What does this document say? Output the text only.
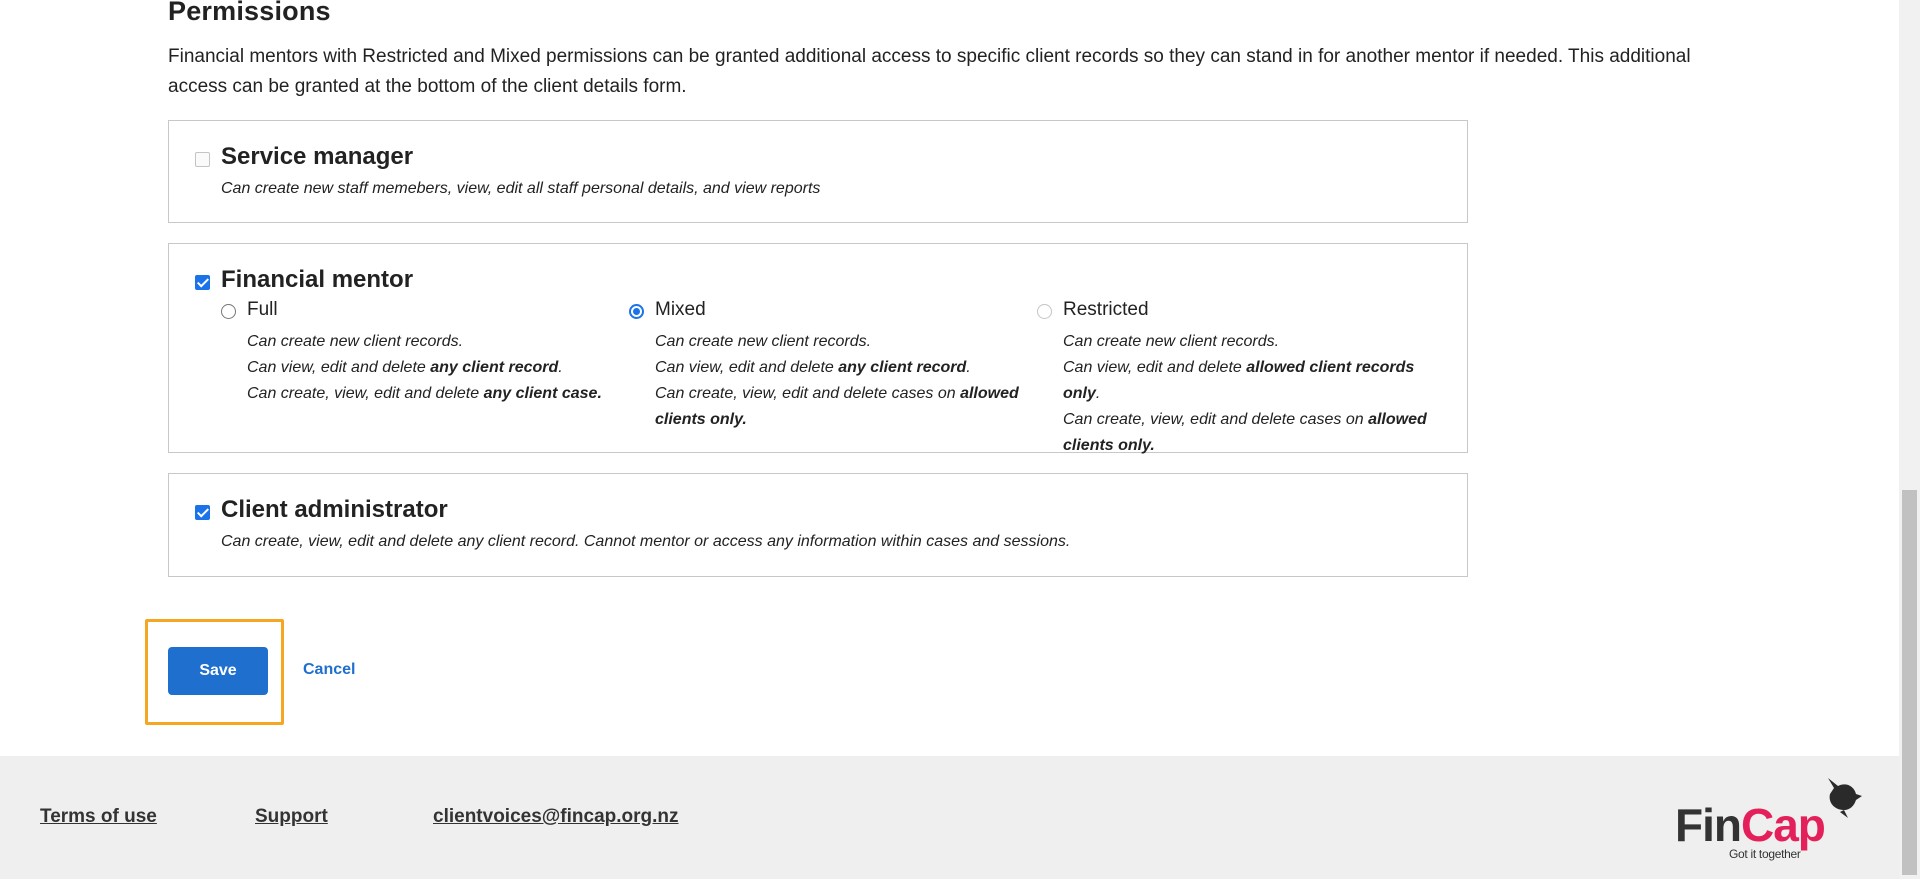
Permissions

Financial mentors with Restricted and Mixed permissions can be granted additional access to specific client records so they can stand in for another mentor if needed. This additional access can be granted at the bottom of the client details form.

Service manager

Can create new staff memebers, view, edit all staff personal details, and view reports

Financial mentor
Full
Can create new client records.
Can view, edit and delete any client record.
Can create, view, edit and delete any client case.
Mixed
Can create new client records.
Can view, edit and delete any client record.
Can create, view, edit and delete cases on allowed clients only.
Restricted
Can create new client records.
Can view, edit and delete allowed client records only.
Can create, view, edit and delete cases on allowed clients only.
Client administrator

Can create, view, edit and delete any client record. Cannot mentor or access any information within cases and sessions.

Save	Cancel
Terms of use	Support	clientvoices@fincap.org.nz	FinCap
Got it together
